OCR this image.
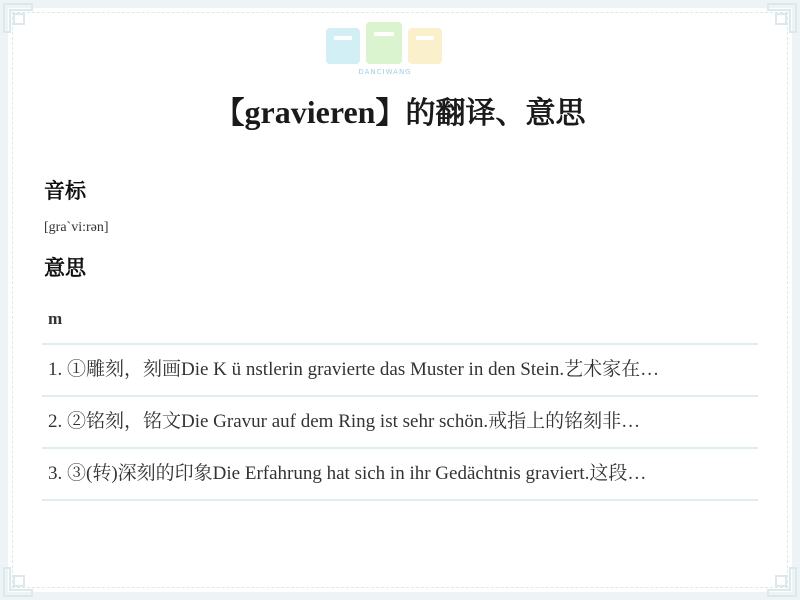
DANCIWANG
【gravieren】的翻译、意思
音标
[gra`vi:rən]
意思
m
1. ①雕刻，刻画Die K ü nstlerin gravierte das Muster in den Stein.艺术家在…
2. ②铭刻，铭文Die Gravur auf dem Ring ist sehr schön.戒指上的铭刻非…
3. ③(转)深刻的印象Die Erfahrung hat sich in ihr Gedächtnis graviert.这段…
